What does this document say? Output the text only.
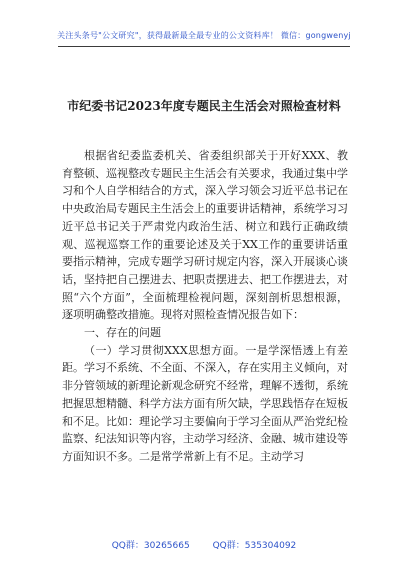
关注头条号"公文研究"，获得最新最全最专业的公文资料库！ 微信：gongwenyj
市纪委书记2023年度专题民主生活会对照检查材料

根据省纪委监委机关、省委组织部关于开好XXX、教育整顿、巡视整改专题民主生活会有关要求，我通过集中学习和个人自学相结合的方式，深入学习领会习近平总书记在中央政治局专题民主生活会上的重要讲话精神，系统学习习近平总书记关于严肃党内政治生活、树立和践行正确政绩观、巡视巡察工作的重要论述及关于XX工作的重要讲话重要指示精神，完成专题学习研讨规定内容，深入开展谈心谈话，坚持把自己摆进去、把职责摆进去、把工作摆进去，对照“六个方面”，全面梳理检视问题，深刻剖析思想根源，逐项明确整改措施。现将对照检查情况报告如下：

一、存在的问题

（一）学习贯彻XXX思想方面。一是学深悟透上有差距。学习不系统、不全面、不深入，存在实用主义倾向，对非分管领域的新理论新观念研究不经常，理解不透彻，系统把握思想精髓、科学方法方面有所欠缺，学思践悟存在短板和不足。比如：理论学习主要偏向于学习全面从严治党纪检监察、纪法知识等内容，主动学习经济、金融、城市建设等方面知识不多。二是常学常新上有不足。主动学习

QQ群：30265665	QQ群：535304092
